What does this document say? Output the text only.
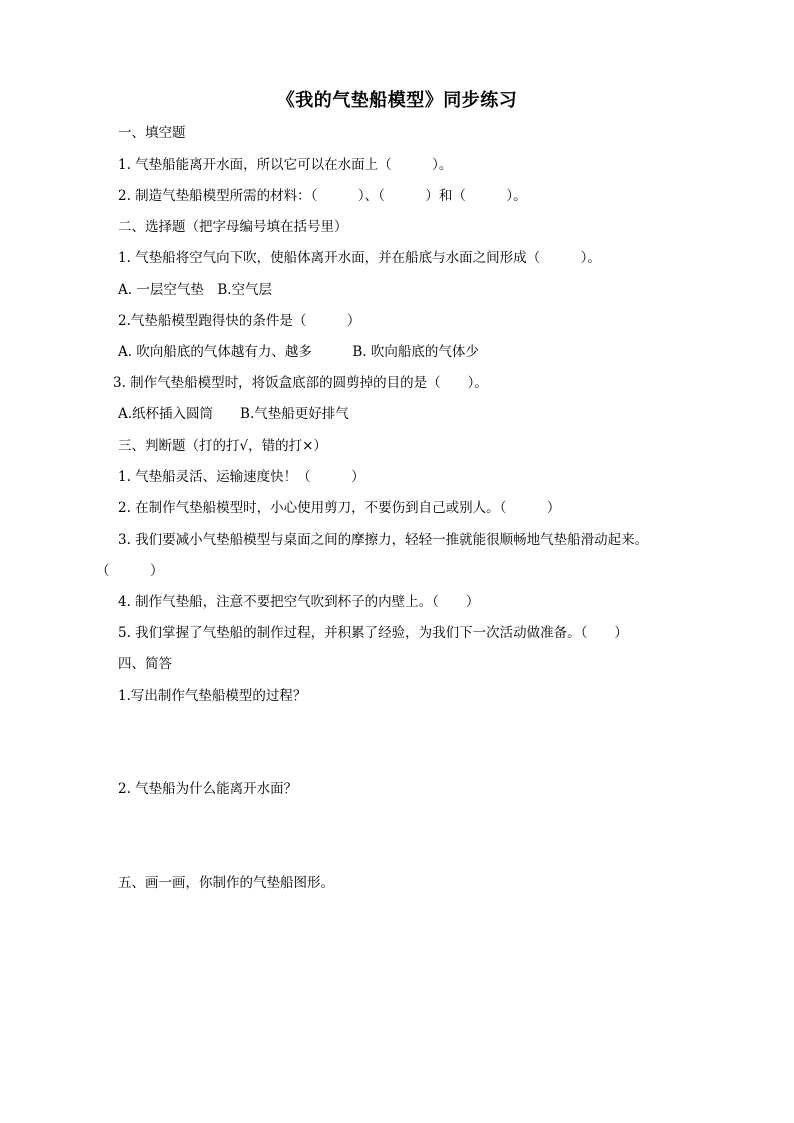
《我的气垫船模型》同步练习
一、填空题
1. 气垫船能离开水面，所以它可以在水面上（　　　）。
2. 制造气垫船模型所需的材料：（　　　）、（　　　）和（　　　）。
二、选择题（把字母编号填在括号里）
1. 气垫船将空气向下吹，使船体离开水面，并在船底与水面之间形成（　　　）。
A. 一层空气垫　B.空气层
2.气垫船模型跑得快的条件是（　　　）
A. 吹向船底的气体越有力、越多　　　B. 吹向船底的气体少
3. 制作气垫船模型时，将饭盒底部的圆剪掉的目的是（　　）。
A.纸杯插入圆筒　　B.气垫船更好排气
三、判断题（打的打√，错的打×）
1. 气垫船灵活、运输速度快！（　　　）
2. 在制作气垫船模型时，小心使用剪刀，不要伤到自己或别人。（　　　）
3. 我们要减小气垫船模型与桌面之间的摩擦力，轻轻一推就能很顺畅地气垫船滑动起来。
（　　　）
4. 制作气垫船，注意不要把空气吹到杯子的内壁上。（　　）
5. 我们掌握了气垫船的制作过程，并积累了经验，为我们下一次活动做准备。（　　）
四、简答
1.写出制作气垫船模型的过程？
2. 气垫船为什么能离开水面？
五、画一画，你制作的气垫船图形。
